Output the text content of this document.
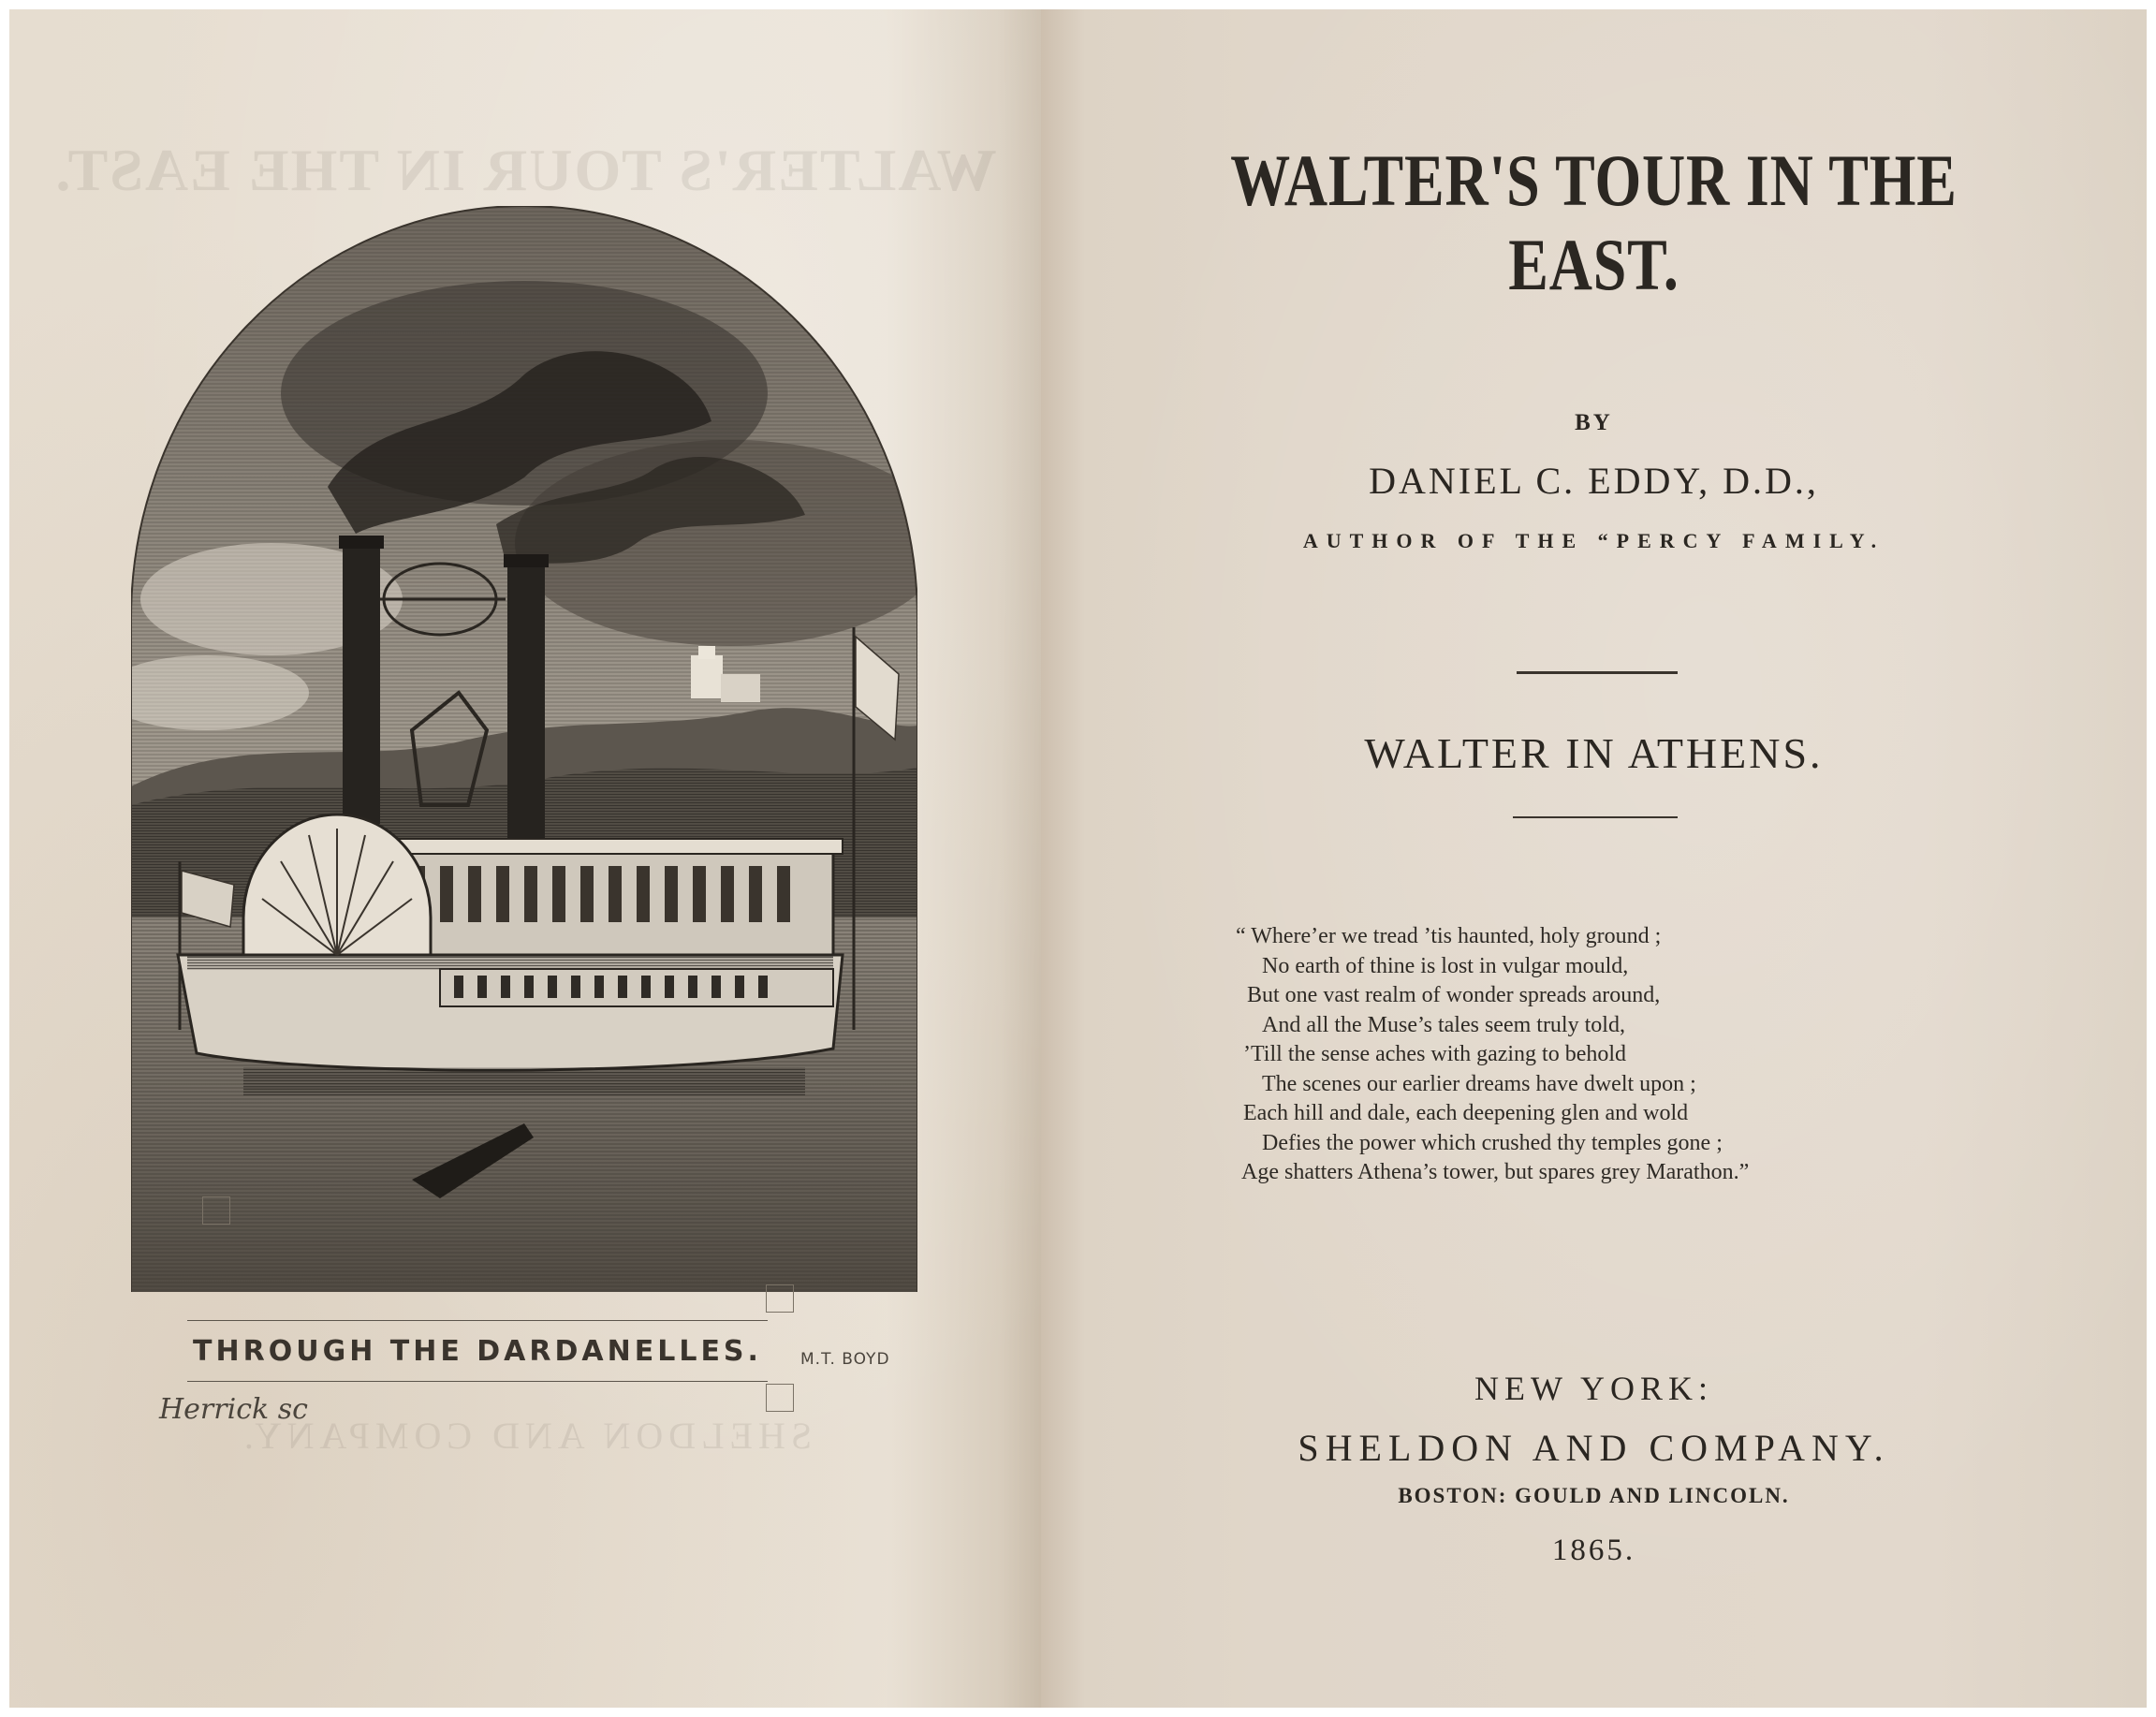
WALTER'S TOUR IN THE EAST.
SHELDON AND COMPANY.
THROUGH THE DARDANELLES. M.T. BOYD
Herrick sc
WALTER'S TOUR IN THE EAST.
BY
DANIEL C. EDDY, D.D.,
AUTHOR OF THE “PERCY FAMILY.
WALTER IN ATHENS.
“ Where’er we tread ’tis haunted, holy ground ;
No earth of thine is lost in vulgar mould,
But one vast realm of wonder spreads around,
And all the Muse’s tales seem truly told,
’Till the sense aches with gazing to behold
The scenes our earlier dreams have dwelt upon ;
Each hill and dale, each deepening glen and wold
Defies the power which crushed thy temples gone ;
Age shatters Athena’s tower, but spares grey Marathon.”
NEW YORK:
SHELDON AND COMPANY.
BOSTON: GOULD AND LINCOLN.
1865.
